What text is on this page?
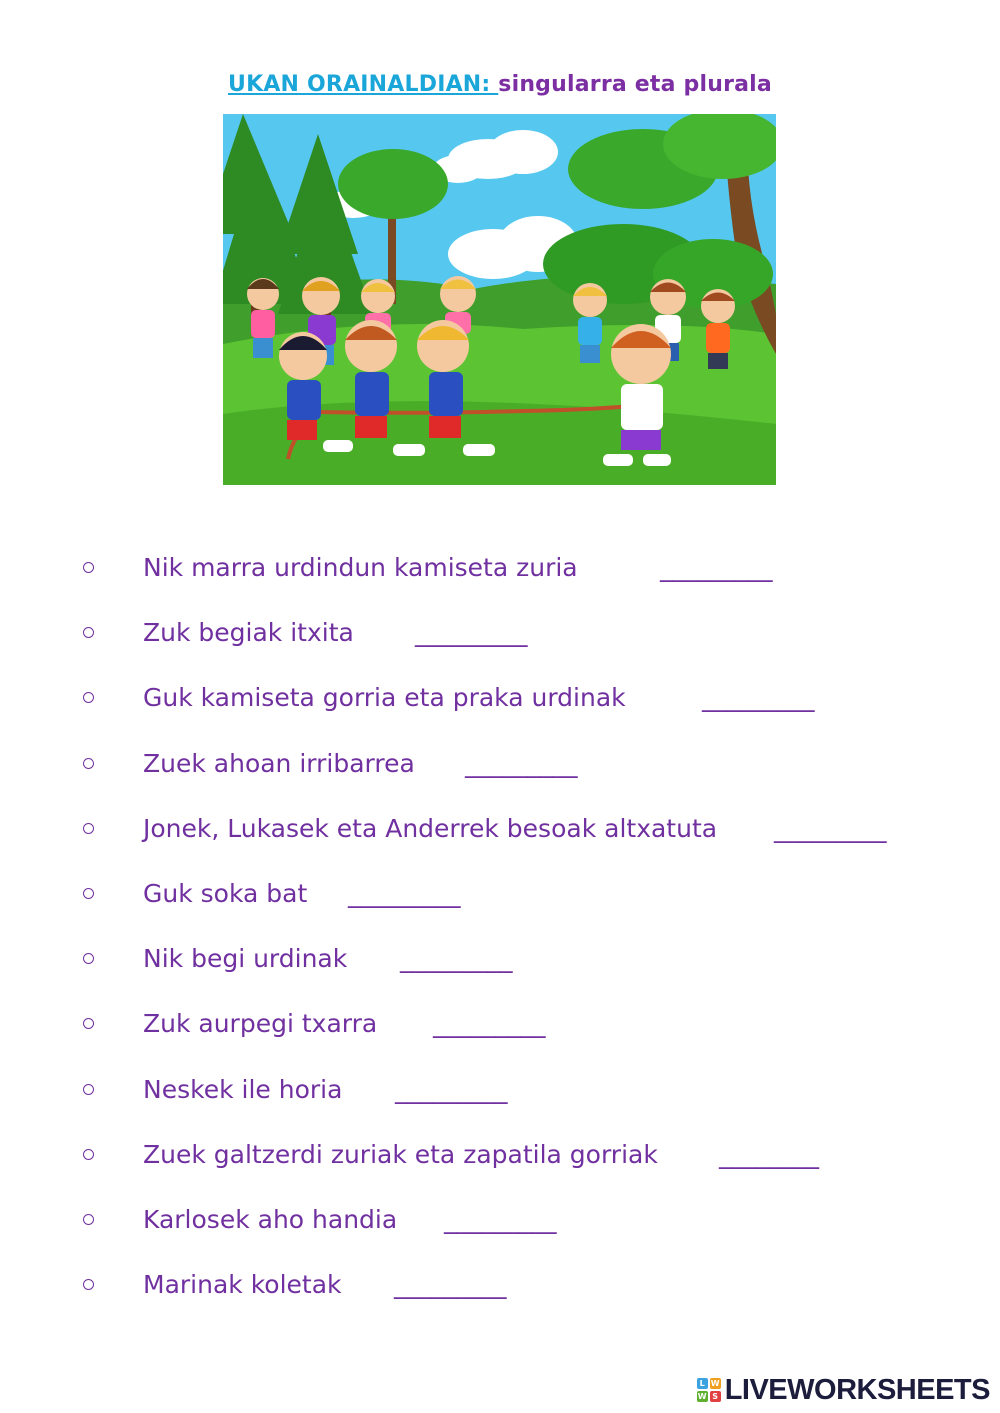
UKAN ORAINALDIAN: singularra eta plurala
Nik marra urdindun kamiseta zuria	_________
Zuk begiak itxita _________
Guk kamiseta gorria eta praka urdinak	_________
Zuek ahoan irribarrea _________
Jonek, Lukasek eta Anderrek besoak altxatuta _________
Guk soka bat _________
Nik begi urdinak _________
Zuk aurpegi txarra _________
Neskek ile horia _________
Zuek galtzerdi zuriak eta zapatila gorriak ________
Karlosek aho handia _________
Marinak koletak _________
L W
W S LIVEWORKSHEETS
